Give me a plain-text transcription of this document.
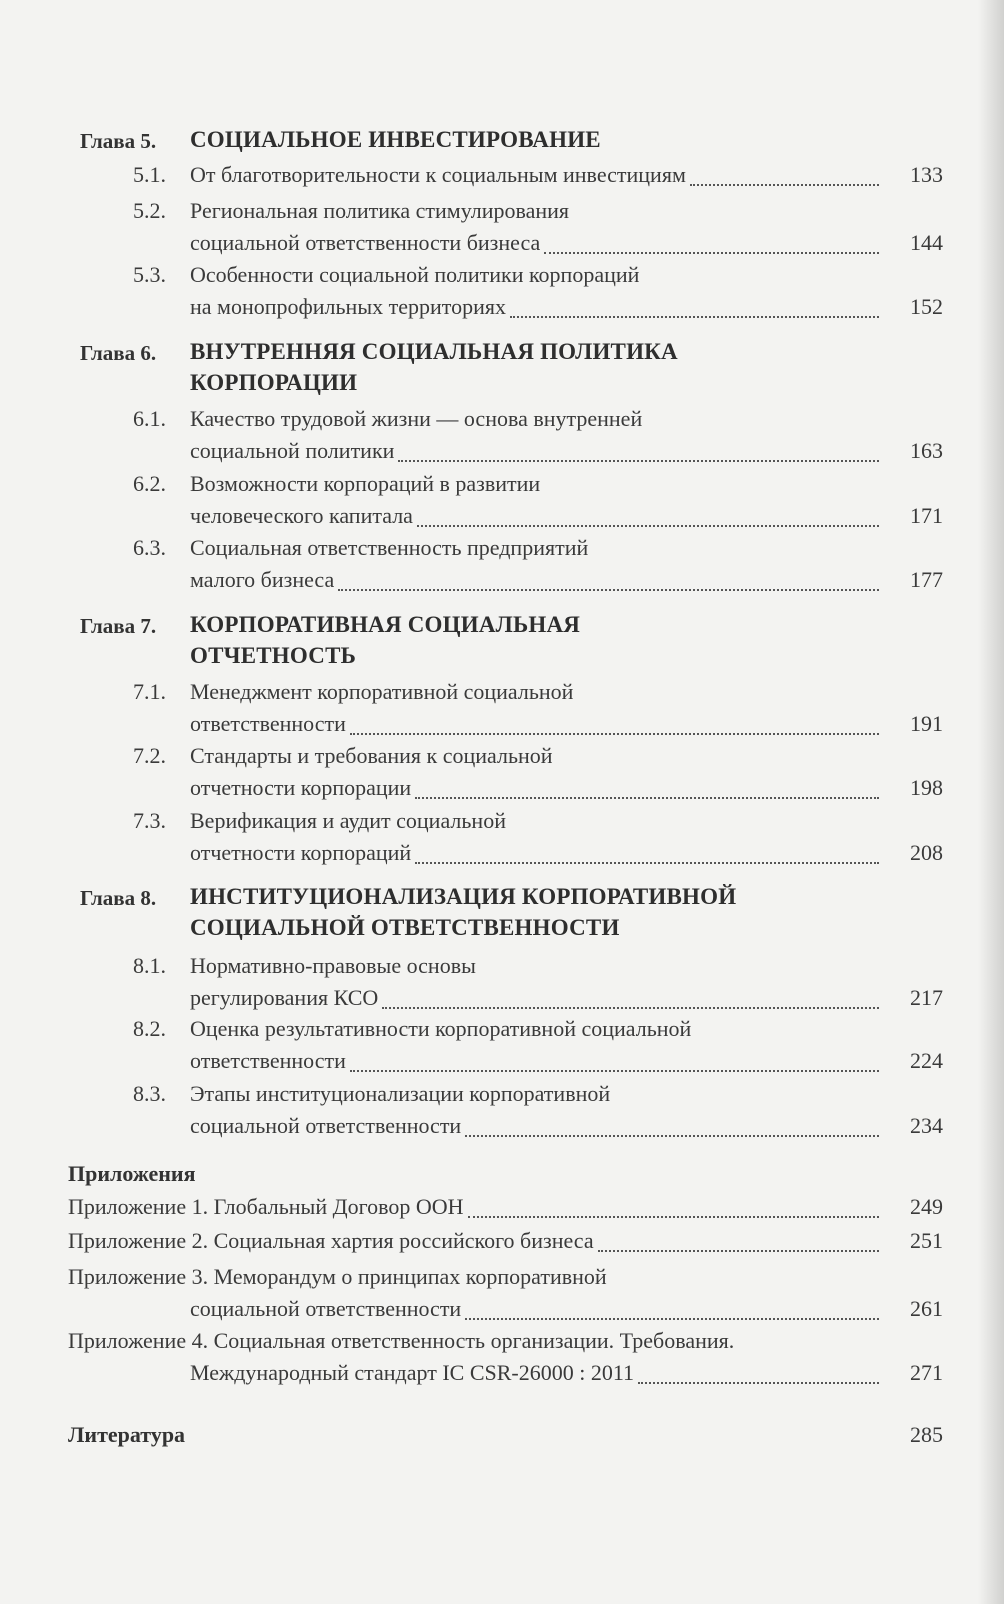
Глава 5. СОЦИАЛЬНОЕ ИНВЕСТИРОВАНИЕ
5.1. От благотворительности к социальным инвестициям	133
5.2. Региональная политика стимулирования
социальной ответственности бизнеса	144
5.3. Особенности социальной политики корпораций
на монопрофильных территориях	152
Глава 6. ВНУТРЕННЯЯ СОЦИАЛЬНАЯ ПОЛИТИКА
КОРПОРАЦИИ
6.1. Качество трудовой жизни — основа внутренней
социальной политики	163
6.2. Возможности корпораций в развитии
человеческого капитала	171
6.3. Социальная ответственность предприятий
малого бизнеса	177
Глава 7. КОРПОРАТИВНАЯ СОЦИАЛЬНАЯ
ОТЧЕТНОСТЬ
7.1. Менеджмент корпоративной социальной
ответственности	191
7.2. Стандарты и требования к социальной
отчетности корпорации	198
7.3. Верификация и аудит социальной
отчетности корпораций	208
Глава 8. ИНСТИТУЦИОНАЛИЗАЦИЯ КОРПОРАТИВНОЙ
СОЦИАЛЬНОЙ ОТВЕТСТВЕННОСТИ
8.1. Нормативно-правовые основы
регулирования КСО	217
8.2. Оценка результативности корпоративной социальной
ответственности	224
8.3. Этапы институционализации корпоративной
социальной ответственности	234
Приложения
Приложение 1. Глобальный Договор ООН	249
Приложение 2. Социальная хартия российского бизнеса	251
Приложение 3. Меморандум о принципах корпоративной
социальной ответственности	261
Приложение 4. Социальная ответственность организации. Требования.
Международный стандарт IC CSR-26000 : 2011	271
Литература	285
